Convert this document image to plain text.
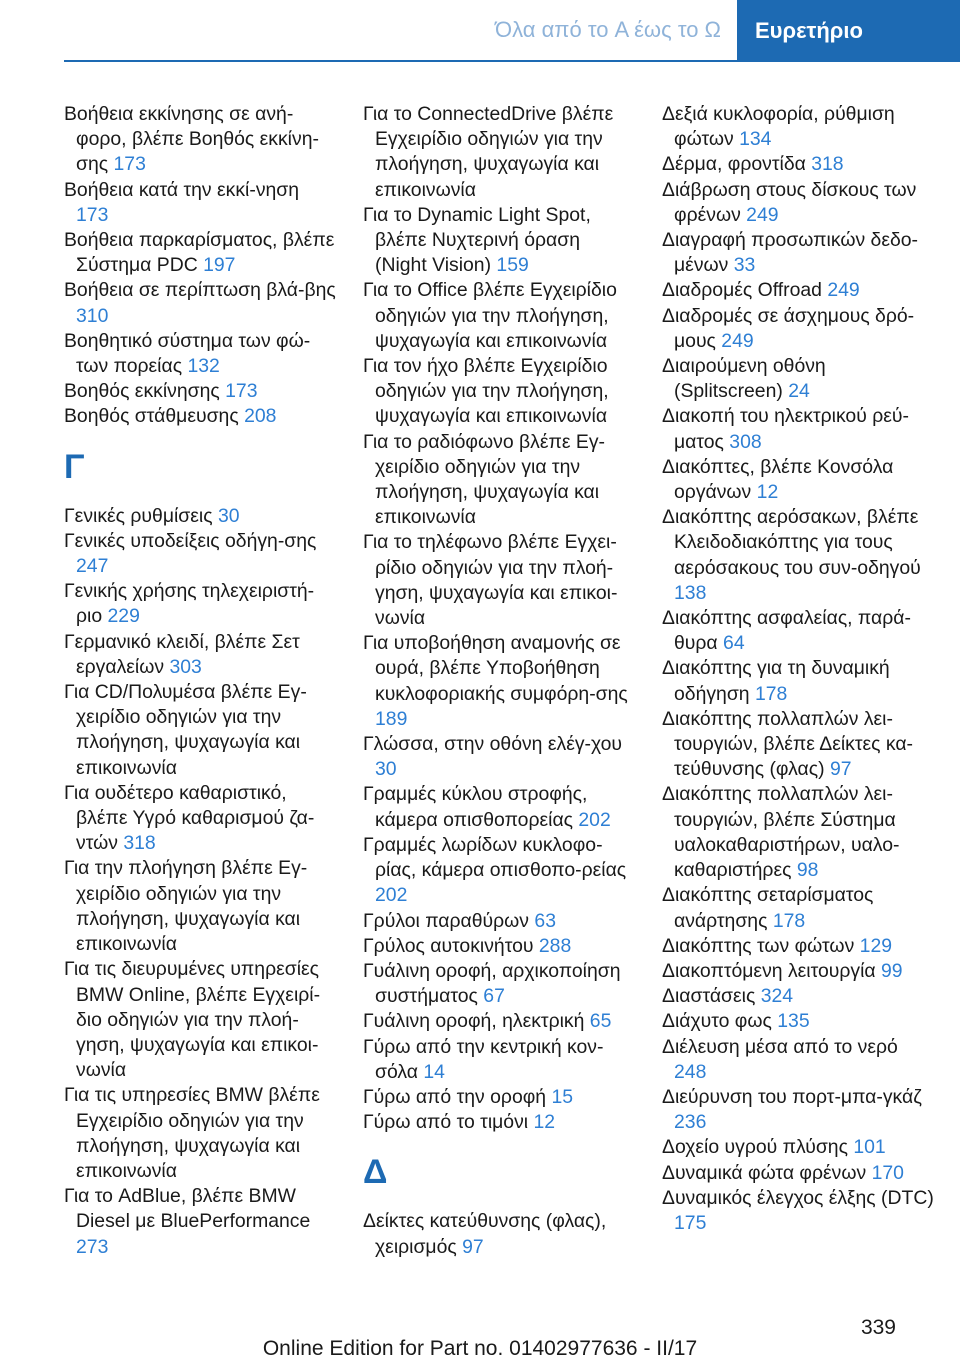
Όλα από το A έως το Ω	Ευρετήριο
Βοήθεια εκκίνησης σε ανή-φορο, βλέπε Βοηθός εκκίνη-σης 173
Βοήθεια κατά την εκκί-νηση 173
Βοήθεια παρκαρίσματος, βλέπε Σύστημα PDC 197
Βοήθεια σε περίπτωση βλά-βης 310
Βοηθητικό σύστημα των φώ-των πορείας 132
Βοηθός εκκίνησης 173
Βοηθός στάθμευσης 208
Γ
Γενικές ρυθμίσεις 30
Γενικές υποδείξεις οδήγη-σης 247
Γενικής χρήσης τηλεχειριστή-ριο 229
Γερμανικό κλειδί, βλέπε Σετ εργαλείων 303
Για CD/Πολυμέσα βλέπε Εγ-χειρίδιο οδηγιών για την πλοήγηση, ψυχαγωγία και επικοινωνία
Για ουδέτερο καθαριστικό, βλέπε Υγρό καθαρισμού ζα-ντών 318
Για την πλοήγηση βλέπε Εγ-χειρίδιο οδηγιών για την πλοήγηση, ψυχαγωγία και επικοινωνία
Για τις διευρυμένες υπηρεσίες BMW Online, βλέπε Εγχειρί-διο οδηγιών για την πλοή-γηση, ψυχαγωγία και επικοι-νωνία
Για τις υπηρεσίες BMW βλέπε Εγχειρίδιο οδηγιών για την πλοήγηση, ψυχαγωγία και επικοινωνία
Για το AdBlue, βλέπε BMW Diesel με BluePerformance 273
Για το ConnectedDrive βλέπε Εγχειρίδιο οδηγιών για την πλοήγηση, ψυχαγωγία και επικοινωνία
Για το Dynamic Light Spot, βλέπε Νυχτερινή όραση (Night Vision) 159
Για το Office βλέπε Εγχειρίδιο οδηγιών για την πλοήγηση, ψυχαγωγία και επικοινωνία
Για τον ήχο βλέπε Εγχειρίδιο οδηγιών για την πλοήγηση, ψυχαγωγία και επικοινωνία
Για το ραδιόφωνο βλέπε Εγ-χειρίδιο οδηγιών για την πλοήγηση, ψυχαγωγία και επικοινωνία
Για το τηλέφωνο βλέπε Εγχει-ρίδιο οδηγιών για την πλοή-γηση, ψυχαγωγία και επικοι-νωνία
Για υποβοήθηση αναμονής σε ουρά, βλέπε Υποβοήθηση κυκλοφοριακής συμφόρη-σης 189
Γλώσσα, στην οθόνη ελέγ-χου 30
Γραμμές κύκλου στροφής, κάμερα οπισθοπορείας 202
Γραμμές λωρίδων κυκλοφο-ρίας, κάμερα οπισθοπο-ρείας 202
Γρύλοι παραθύρων 63
Γρύλος αυτοκινήτου 288
Γυάλινη οροφή, αρχικοποίηση συστήματος 67
Γυάλινη οροφή, ηλεκτρική 65
Γύρω από την κεντρική κον-σόλα 14
Γύρω από την οροφή 15
Γύρω από το τιμόνι 12
Δ
Δείκτες κατεύθυνσης (φλας), χειρισμός 97
Δεξιά κυκλοφορία, ρύθμιση φώτων 134
Δέρμα, φροντίδα 318
Διάβρωση στους δίσκους των φρένων 249
Διαγραφή προσωπικών δεδο-μένων 33
Διαδρομές Offroad 249
Διαδρομές σε άσχημους δρό-μους 249
Διαιρούμενη οθόνη (Splitscreen) 24
Διακοπή του ηλεκτρικού ρεύ-ματος 308
Διακόπτες, βλέπε Κονσόλα οργάνων 12
Διακόπτης αερόσακων, βλέπε Κλειδοδιακόπτης για τους αερόσακους του συν-οδηγού 138
Διακόπτης ασφαλείας, παρά-θυρα 64
Διακόπτης για τη δυναμική οδήγηση 178
Διακόπτης πολλαπλών λει-τουργιών, βλέπε Δείκτες κα-τεύθυνσης (φλας) 97
Διακόπτης πολλαπλών λει-τουργιών, βλέπε Σύστημα υαλοκαθαριστήρων, υαλο-καθαριστήρες 98
Διακόπτης σεταρίσματος ανάρτησης 178
Διακόπτης των φώτων 129
Διακοπτόμενη λειτουργία 99
Διαστάσεις 324
Διάχυτο φως 135
Διέλευση μέσα από το νερό 248
Διεύρυνση του πορτ-μπα-γκάζ 236
Δοχείο υγρού πλύσης 101
Δυναμικά φώτα φρένων 170
Δυναμικός έλεγχος έλξης (DTC) 175
339
Online Edition for Part no. 01402977636 - II/17
